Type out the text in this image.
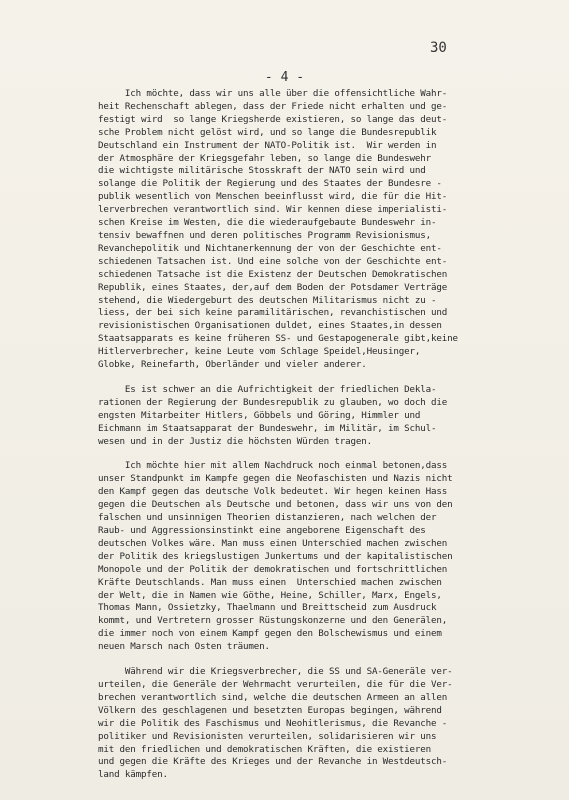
30
- 4 -
Ich möchte, dass wir uns alle über die offensichtliche Wahr-
heit Rechenschaft ablegen, dass der Friede nicht erhalten und ge-
festigt wird  so lange Kriegsherde existieren, so lange das deut-
sche Problem nicht gelöst wird, und so lange die Bundesrepublik
Deutschland ein Instrument der NATO-Politik ist.  Wir werden in
der Atmosphäre der Kriegsgefahr leben, so lange die Bundeswehr
die wichtigste militärische Stosskraft der NATO sein wird und
solange die Politik der Regierung und des Staates der Bundesre -
publik wesentlich von Menschen beeinflusst wird, die für die Hit-
lerverbrechen verantwortlich sind. Wir kennen diese imperialisti-
schen Kreise im Westen, die die wiederaufgebaute Bundeswehr in-
tensiv bewaffnen und deren politisches Programm Revisionismus,
Revanchepolitik und Nichtanerkennung der von der Geschichte ent-
schiedenen Tatsachen ist. Und eine solche von der Geschichte ent-
schiedenen Tatsache ist die Existenz der Deutschen Demokratischen
Republik, eines Staates, der,auf dem Boden der Potsdamer Verträge
stehend, die Wiedergeburt des deutschen Militarismus nicht zu -
liess, der bei sich keine paramilitärischen, revanchistischen und
revisionistischen Organisationen duldet, eines Staates,in dessen
Staatsapparats es keine früheren SS- und Gestapogenerale gibt,keine
Hitlerverbrecher, keine Leute vom Schlage Speidel,Heusinger,
Globke, Reinefarth, Oberländer und vieler anderer.
Es ist schwer an die Aufrichtigkeit der friedlichen Dekla-
rationen der Regierung der Bundesrepublik zu glauben, wo doch die
engsten Mitarbeiter Hitlers, Göbbels und Göring, Himmler und
Eichmann im Staatsapparat der Bundeswehr, im Militär, im Schul-
wesen und in der Justiz die höchsten Würden tragen.
Ich möchte hier mit allem Nachdruck noch einmal betonen,dass
unser Standpunkt im Kampfe gegen die Neofaschisten und Nazis nicht
den Kampf gegen das deutsche Volk bedeutet. Wir hegen keinen Hass
gegen die Deutschen als Deutsche und betonen, dass wir uns von den
falschen und unsinnigen Theorien distanzieren, nach welchen der
Raub- und Aggressionsinstinkt eine angeborene Eigenschaft des
deutschen Volkes wäre. Man muss einen Unterschied machen zwischen
der Politik des kriegslustigen Junkertums und der kapitalistischen
Monopole und der Politik der demokratischen und fortschrittlichen
Kräfte Deutschlands. Man muss einen  Unterschied machen zwischen
der Welt, die in Namen wie Göthe, Heine, Schiller, Marx, Engels,
Thomas Mann, Ossietzky, Thaelmann und Breittscheid zum Ausdruck
kommt, und Vertretern grosser Rüstungskonzerne und den Generälen,
die immer noch von einem Kampf gegen den Bolschewismus und einem
neuen Marsch nach Osten träumen.
Während wir die Kriegsverbrecher, die SS und SA-Generäle ver-
urteilen, die Generäle der Wehrmacht verurteilen, die für die Ver-
brechen verantwortlich sind, welche die deutschen Armeen an allen
Völkern des geschlagenen und besetzten Europas begingen, während
wir die Politik des Faschismus und Neohitlerismus, die Revanche -
politiker und Revisionisten verurteilen, solidarisieren wir uns
mit den friedlichen und demokratischen Kräften, die existieren
und gegen die Kräfte des Krieges und der Revanche in Westdeutsch-
land kämpfen.
